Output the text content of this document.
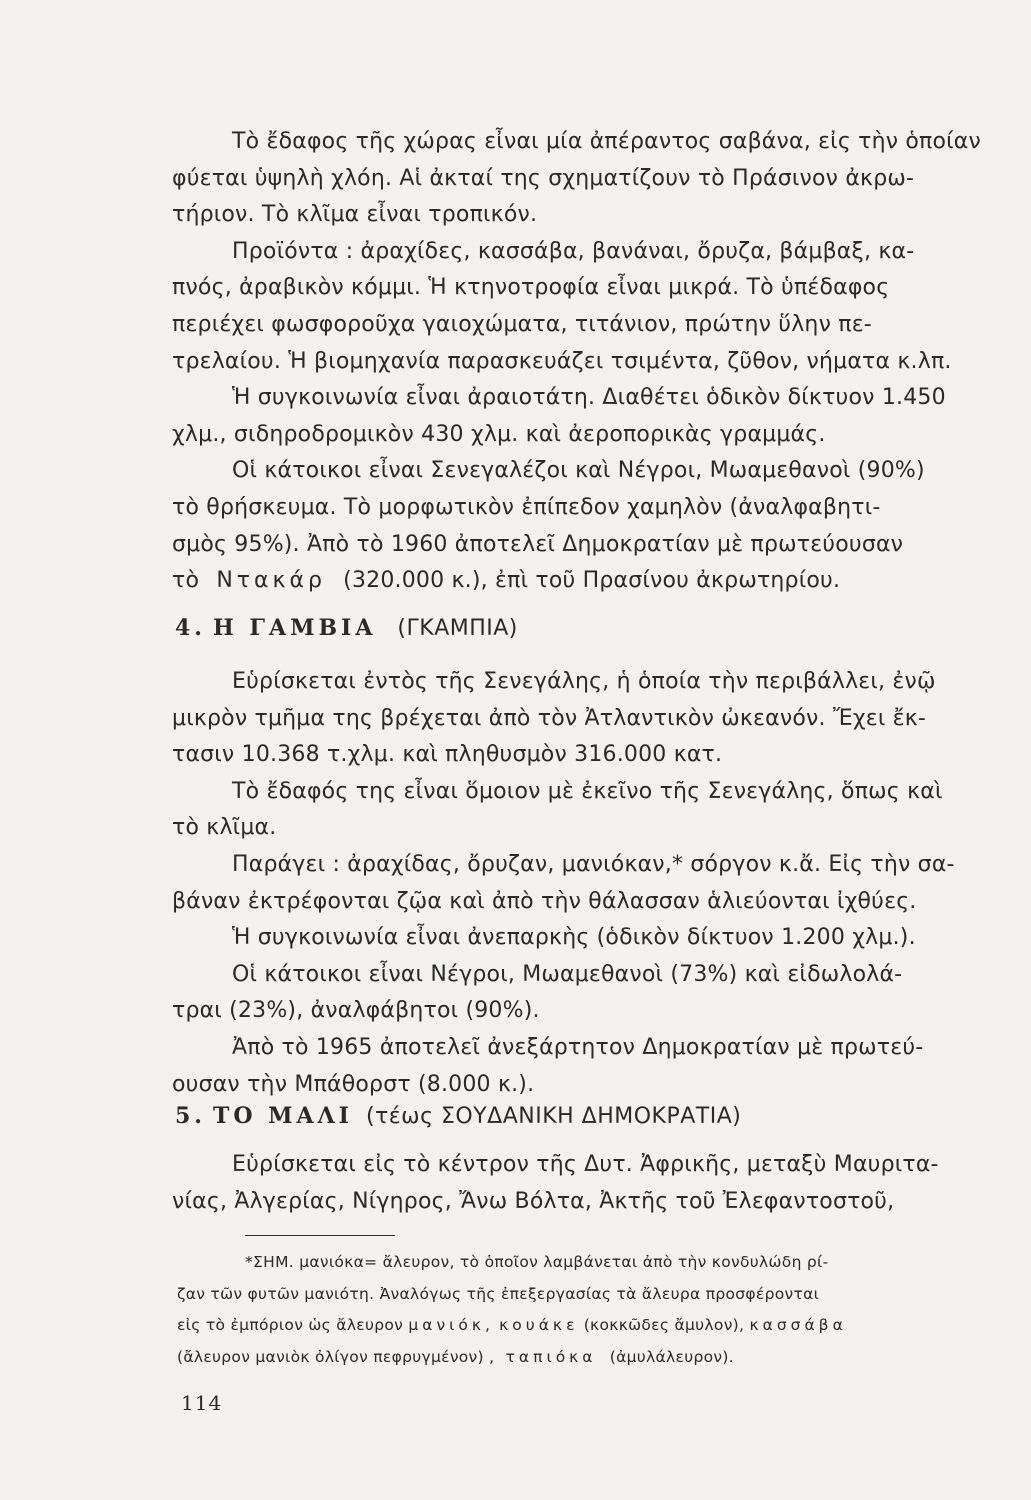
Τὸ ἔδαφος τῆς χώρας εἶναι μία ἀπέραντος σαβάνα, εἰς τὴν ὁποίαν
φύεται ὑψηλὴ χλόη. Αἱ ἀκταί της σχηματίζουν τὸ Πράσινον ἀκρω-
τήριον. Τὸ κλῖμα εἶναι τροπικόν.
Προϊόντα : ἀραχίδες, κασσάβα, βανάναι, ὄρυζα, βάμβαξ, κα-
πνός, ἀραβικὸν κόμμι. Ἡ κτηνοτροφία εἶναι μικρά. Τὸ ὑπέδαφος
περιέχει φωσφοροῦχα γαιοχώματα, τιτάνιον, πρώτην ὕλην πε-
τρελαίου. Ἡ βιομηχανία παρασκευάζει τσιμέντα, ζῦθον, νήματα κ.λπ.
Ἡ συγκοινωνία εἶναι ἀραιοτάτη. Διαθέτει ὁδικὸν δίκτυον 1.450
χλμ., σιδηροδρομικὸν 430 χλμ. καὶ ἀεροπορικὰς γραμμάς.
Οἱ κάτοικοι εἶναι Σενεγαλέζοι καὶ Νέγροι, Μωαμεθανοὶ (90%)
τὸ θρήσκευμα. Τὸ μορφωτικὸν ἐπίπεδον χαμηλὸν (ἀναλφαβητι-
σμὸς 95%). Ἀπὸ τὸ 1960 ἀποτελεῖ Δημοκρατίαν μὲ πρωτεύουσαν
τὸ Ντακάρ (320.000 κ.), ἐπὶ τοῦ Πρασίνου ἀκρωτηρίου.
4. Η ΓΑΜΒΙΑ (ΓΚΑΜΠΙΑ)
Εὑρίσκεται ἐντὸς τῆς Σενεγάλης, ἡ ὁποία τὴν περιβάλλει, ἐνῷ
μικρὸν τμῆμα της βρέχεται ἀπὸ τὸν Ἀτλαντικὸν ὠκεανόν. Ἔχει ἔκ-
τασιν 10.368 τ.χλμ. καὶ πληθυσμὸν 316.000 κατ.
Τὸ ἔδαφός της εἶναι ὅμοιον μὲ ἐκεῖνο τῆς Σενεγάλης, ὅπως καὶ
τὸ κλῖμα.
Παράγει : ἀραχίδας, ὄρυζαν, μανιόκαν,* σόργον κ.ἄ. Εἰς τὴν σα-
βάναν ἐκτρέφονται ζῷα καὶ ἀπὸ τὴν θάλασσαν ἁλιεύονται ἰχθύες.
Ἡ συγκοινωνία εἶναι ἀνεπαρκὴς (ὁδικὸν δίκτυον 1.200 χλμ.).
Οἱ κάτοικοι εἶναι Νέγροι, Μωαμεθανοὶ (73%) καὶ εἰδωλολά-
τραι (23%), ἀναλφάβητοι (90%).
Ἀπὸ τὸ 1965 ἀποτελεῖ ἀνεξάρτητον Δημοκρατίαν μὲ πρωτεύ-
ουσαν τὴν Μπάθορστ (8.000 κ.).
5. ΤΟ ΜΑΛΙ (τέως ΣΟΥΔΑΝΙΚΗ ΔΗΜΟΚΡΑΤΙΑ)
Εὑρίσκεται εἰς τὸ κέντρον τῆς Δυτ. Ἀφρικῆς, μεταξὺ Μαυριτα-
νίας, Ἀλγερίας, Νίγηρος, Ἄνω Βόλτα, Ἀκτῆς τοῦ Ἐλεφαντοστοῦ,
*ΣΗΜ. μανιόκα= ἄλευρον, τὸ ὁποῖον λαμβάνεται ἀπὸ τὴν κονδυλώδη ρί-
ζαν τῶν φυτῶν μανιότη. Ἀναλόγως τῆς ἐπεξεργασίας τὰ ἄλευρα προσφέρονται
εἰς τὸ ἐμπόριον ὡς ἄλευρον μανιόκ, κουάκε (κοκκῶδες ἄμυλον), κασσάβα
(ἄλευρον μανιὸκ ὀλίγον πεφρυγμένον) , ταπιόκα (ἀμυλάλευρον).
114
